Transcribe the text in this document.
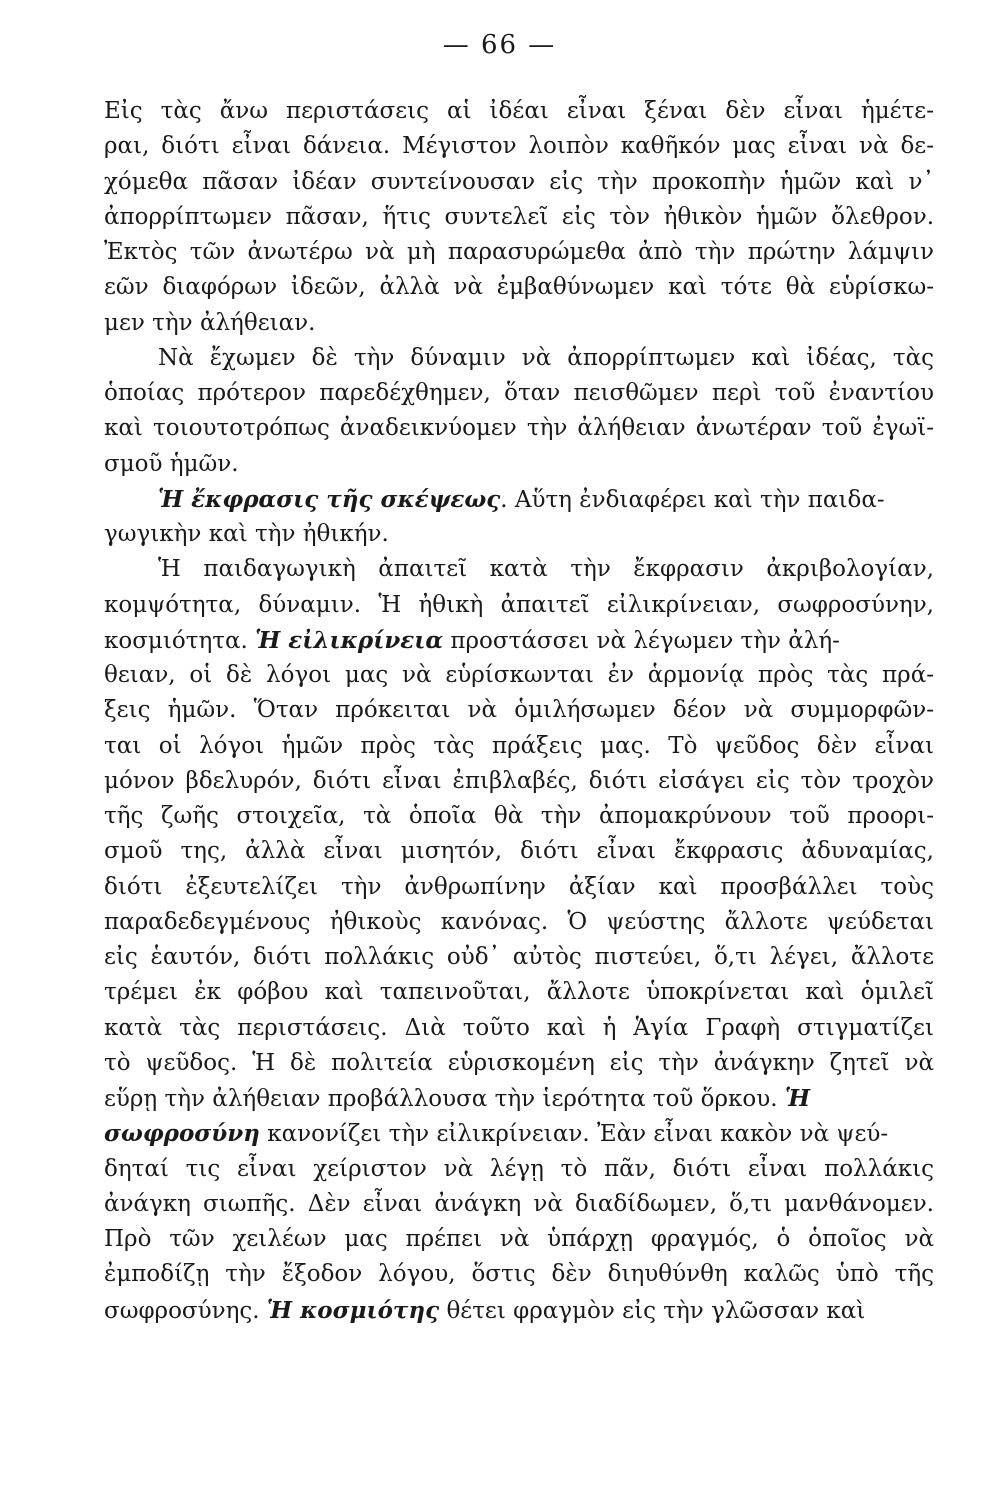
— 66 —
Εἰς τὰς ἄνω περιστάσεις αἱ ἰδέαι εἶναι ξέναι δὲν εἶναι ἡμέτε-
ραι, διότι εἶναι δάνεια. Μέγιστον λοιπὸν καθῆκόν μας εἶναι νὰ δε-
χόμεθα πᾶσαν ἰδέαν συντείνουσαν εἰς τὴν προκοπὴν ἡμῶν καὶ ν᾽
ἀπορρίπτωμεν πᾶσαν, ἥτις συντελεῖ εἰς τὸν ἠθικὸν ἡμῶν ὄλεθρον.
Ἐκτὸς τῶν ἀνωτέρω νὰ μὴ παρασυρώμεθα ἀπὸ τὴν πρώτην λάμψιν
εῶν διαφόρων ἰδεῶν, ἀλλὰ νὰ ἐμβαθύνωμεν καὶ τότε θὰ εὑρίσκω-
μεν τὴν ἀλήθειαν.
Νὰ ἔχωμεν δὲ τὴν δύναμιν νὰ ἀπορρίπτωμεν καὶ ἰδέας, τὰς
ὁποίας πρότερον παρεδέχθημεν, ὅταν πεισθῶμεν περὶ τοῦ ἐναντίου
καὶ τοιουτοτρόπως ἀναδεικνύομεν τὴν ἀλήθειαν ἀνωτέραν τοῦ ἐγωϊ-
σμοῦ ἡμῶν.
Ἡ ἔκφρασις τῆς σκέψεως. Αὕτη ἐνδιαφέρει καὶ τὴν παιδα-
γωγικὴν καὶ τὴν ἠθικήν.
Ἡ παιδαγωγικὴ ἀπαιτεῖ κατὰ τὴν ἔκφρασιν ἀκριβολογίαν,
κομψότητα, δύναμιν. Ἡ ἠθικὴ ἀπαιτεῖ εἰλικρίνειαν, σωφροσύνην,
κοσμιότητα. Ἡ εἰλικρίνεια προστάσσει νὰ λέγωμεν τὴν ἀλή-
θειαν, οἱ δὲ λόγοι μας νὰ εὑρίσκωνται ἐν ἁρμονίᾳ πρὸς τὰς πρά-
ξεις ἡμῶν. Ὅταν πρόκειται νὰ ὁμιλήσωμεν δέον νὰ συμμορφῶν-
ται οἱ λόγοι ἡμῶν πρὸς τὰς πράξεις μας. Τὸ ψεῦδος δὲν εἶναι
μόνον βδελυρόν, διότι εἶναι ἐπιβλαβές, διότι εἰσάγει εἰς τὸν τροχὸν
τῆς ζωῆς στοιχεῖα, τὰ ὁποῖα θὰ τὴν ἀπομακρύνουν τοῦ προορι-
σμοῦ της, ἀλλὰ εἶναι μισητόν, διότι εἶναι ἔκφρασις ἀδυναμίας,
διότι ἐξευτελίζει τὴν ἀνθρωπίνην ἀξίαν καὶ προσβάλλει τοὺς
παραδεδεγμένους ἠθικοὺς κανόνας. Ὁ ψεύστης ἄλλοτε ψεύδεται
εἰς ἑαυτόν, διότι πολλάκις οὐδ᾽ αὐτὸς πιστεύει, ὅ,τι λέγει, ἄλλοτε
τρέμει ἐκ φόβου καὶ ταπεινοῦται, ἄλλοτε ὑποκρίνεται καὶ ὁμιλεῖ
κατὰ τὰς περιστάσεις. Διὰ τοῦτο καὶ ἡ Ἁγία Γραφὴ στιγματίζει
τὸ ψεῦδος. Ἡ δὲ πολιτεία εὑρισκομένη εἰς τὴν ἀνάγκην ζητεῖ νὰ
εὕρῃ τὴν ἀλήθειαν προβάλλουσα τὴν ἱερότητα τοῦ ὅρκου. Ἡ
σωφροσύνη κανονίζει τὴν εἰλικρίνειαν. Ἐὰν εἶναι κακὸν νὰ ψεύ-
δηταί τις εἶναι χείριστον νὰ λέγῃ τὸ πᾶν, διότι εἶναι πολλάκις
ἀνάγκη σιωπῆς. Δὲν εἶναι ἀνάγκη νὰ διαδίδωμεν, ὅ,τι μανθάνομεν.
Πρὸ τῶν χειλέων μας πρέπει νὰ ὑπάρχῃ φραγμός, ὁ ὁποῖος νὰ
ἐμποδίζῃ τὴν ἔξοδον λόγου, ὅστις δὲν διηυθύνθη καλῶς ὑπὸ τῆς
σωφροσύνης. Ἡ κοσμιότης θέτει φραγμὸν εἰς τὴν γλῶσσαν καὶ
